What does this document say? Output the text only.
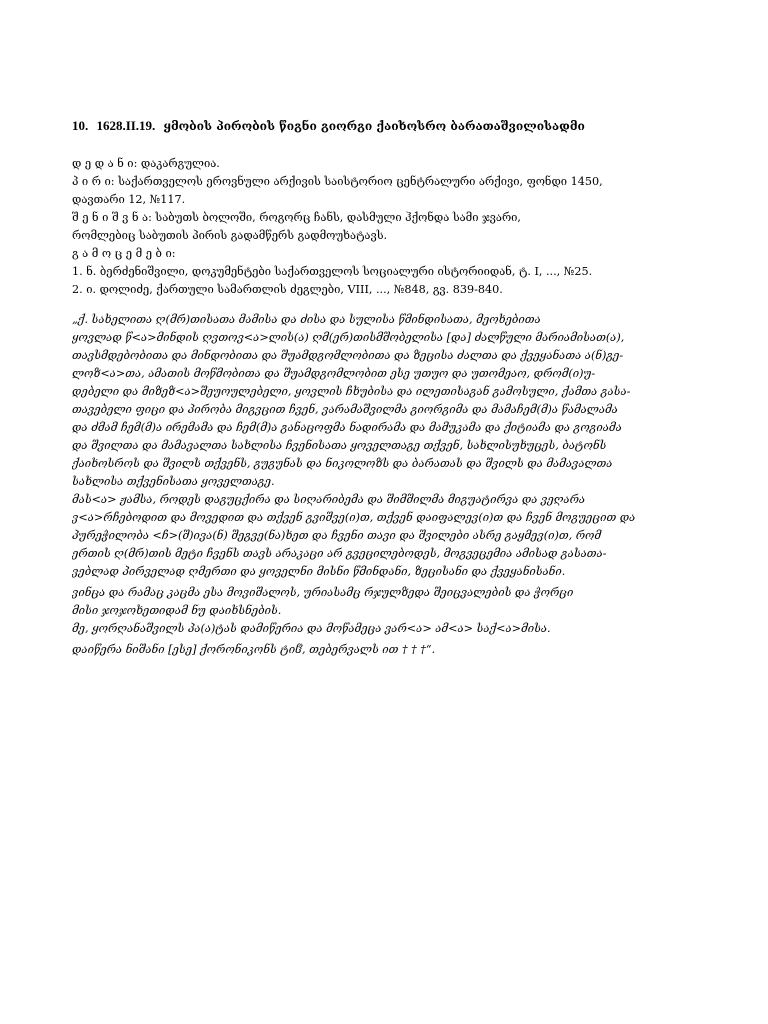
10. 1628.II.19. ყმობის პირობის წიგნი გიორგი ქაიხოსრო ბარათაშვილისადმი
დ ე დ ა ნ ი: დაკარგულია.
პ ი რ ი: საქართველოს ეროვნული არქივის საისტორიო ცენტრალური არქივი, ფონდი 1450,
დავთარი 12, №117.
შ ე ნ ი შ ვ ნ ა: საბუთს ბოლოში, როგორც ჩანს, დასმული ჰქონდა სამი ჯვარი,
რომლებიც საბუთის პირის გადამწერს გადმოუხატავს.
გ ა მ ო ც ე მ ე ბ ი:
1. ნ. ბერძენიშვილი, დოკუმენტები საქართველოს სოციალური ისტორიიდან, ტ. I, ..., №25.
2. ი. დოლიძე, ქართული სამართლის ძეგლები, VIII, ..., №848, გვ. 839-840.
„ქ. სახელითა ღ(მრ)თისათა მამისა და ძისა და სულისა წმინდისათა, მეოხებითა
ყოვლად წ<ა>მინდის ღვთოვ<ა>ლის(ა) ღმ(ერ)თისმშობელისა [და] ძალწული მარიამისათ(ა),
თავსმდებობითა და მინდობითა და შუამდგომლობითა და ზეცისა ძალთა და ქვეყანათა ა(ნ)გე-
ლოზ<ა>თა, ამათის მოწმობითა და შუამდგომლობით ესე უთუო და უთომეაო, დრომ(ი)უ-
დებელი და მიზეზ<ა>შეუოულებელი, ყოვლის ჩხუბისა და ილეთისაგან გამოსული, ქამთა გასა-
თავებელი ფიცი და პირობა მიგვცით ჩვენ, ვარამაშვილმა გიორგიმა და მამაჩემ(მ)ა წამალამა
და ძმამ ჩემ(მ)ა ირემამა და ჩემ(მ)ა განაცოფმა ნადირამა და მამუკამა და ქიტიამა და გოგიამა
და შვილთა და მამავალთა სახლისა ჩვენისათა ყოველთაგე თქვენ, სახლისუხუცეს, ბატონს
ქაიხოსროს და შვილს თქვენს, გუგუნას და ნიკოლოზს და ბარათას და შვილს და მამავალთა
სახლისა თქვენისათა ყოველთაგე.
მას<ა> ჟამსა, როდეს დაგუცქირა და სიღარიბემა და შიმშილმა მიგუატირვა და ვეღარა
ვ<ა>რჩებოდით და მოვედით და თქვენ გვიშვე(ი)თ, თქვენ დაიფალევ(ი)თ და ჩვენ მოგუეცით და
პურეჭილობა <ჩ>(შ)ივა(ნ) შეგვე(ნა)ხეთ და ჩვენი თავი და შვილები ასრე გაყმევ(ი)თ, რომ
ერთის ღ(მრ)თის მეტი ჩვენს თავს არაკაცი არ გვეცილებოდეს, მოგვეცემია ამისად გასათა-
ვებლად პირველად ღმერთი და ყოველნი მისნი წმინდანი, ზეცისანი და ქვეყანისანი.
ვინცა და რამაც კაცმა ესა მოვიშალოს, ურიასამც რჯულზედა შეიცვალების და ჭორცი
მისი ჯოჯოხეთიდამ ნუ დაიხსნების.
მე, ყორღანაშვილს პა(ა)ტას დამიწერია და მოწამეცა ვარ<ა> ამ<ა> საქ<ა>მისა.
დაიწერა ნიშანი [ესე] ქორონიკონს ტიჱ, თებერვალს ით † † †“.
